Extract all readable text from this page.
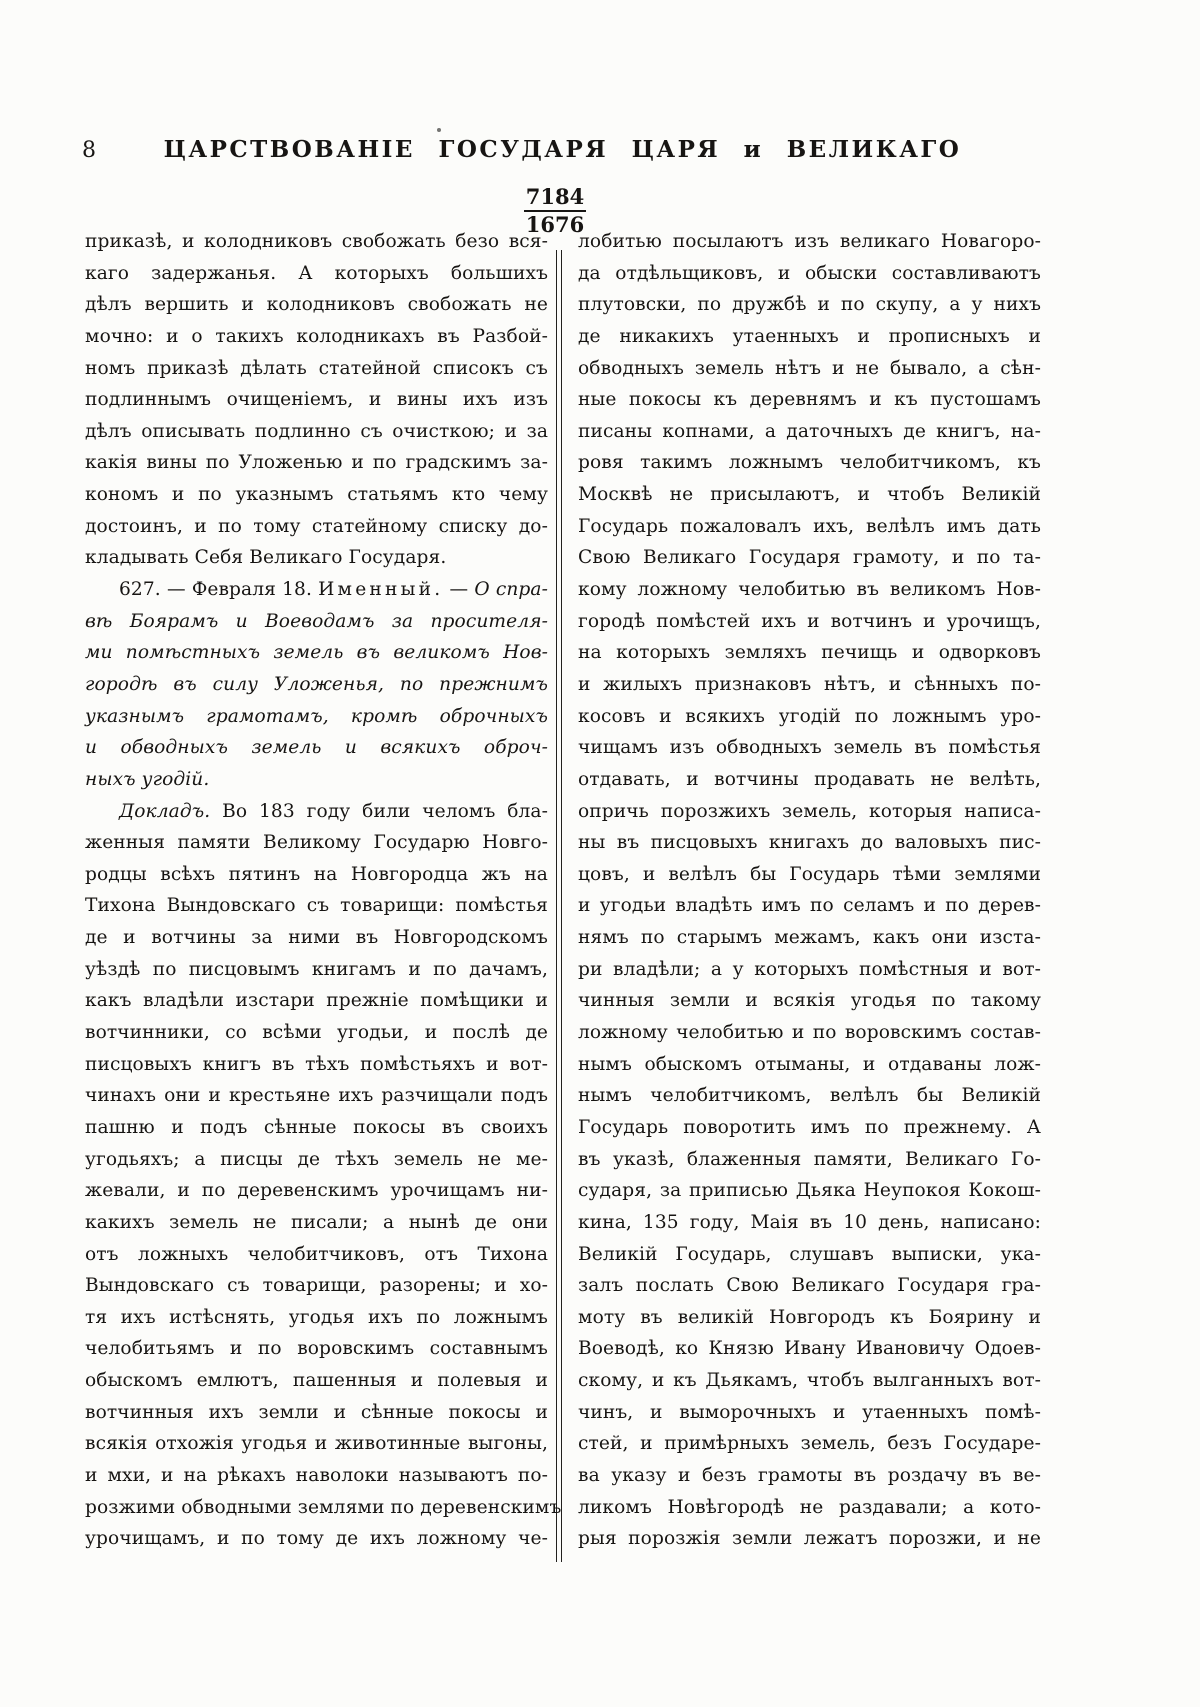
8	ЦАРСТВОВАНІЕ ГОСУДАРЯ ЦАРЯ и ВЕЛИКАГО
7184
1676
приказѣ, и колодниковъ свобожать безо вся-
каго задержанья. А которыхъ большихъ
дѣлъ вершить и колодниковъ свобожать не
мочно: и о такихъ колодникахъ въ Разбой-
номъ приказѣ дѣлать статейной списокъ съ
подлиннымъ очищеніемъ, и вины ихъ изъ
дѣлъ описывать подлинно съ очисткою; и за
какія вины по Уложенью и по градскимъ за-
кономъ и по указнымъ статьямъ кто чему
достоинъ, и по тому статейному списку до-
кладывать Себя Великаго Государя.
627. — Февраля 18. Именный. — О спра-
вѣ Боярамъ и Воеводамъ за просителя-
ми помѣстныхъ земель въ великомъ Нов-
городѣ въ силу Уложенья, по прежнимъ
указнымъ грамотамъ, кромѣ оброчныхъ
и обводныхъ земель и всякихъ оброч-
ныхъ угодій.
Докладъ. Во 183 году били челомъ бла-
женныя памяти Великому Государю Новго-
родцы всѣхъ пятинъ на Новгородца жъ на
Тихона Вындовскаго съ товарищи: помѣстья
де и вотчины за ними въ Новгородскомъ
уѣздѣ по писцовымъ книгамъ и по дачамъ,
какъ владѣли изстари прежніе помѣщики и
вотчинники, со всѣми угодьи, и послѣ де
писцовыхъ книгъ въ тѣхъ помѣстьяхъ и вот-
чинахъ они и крестьяне ихъ разчищали подъ
пашню и подъ сѣнные покосы въ своихъ
угодьяхъ; а писцы де тѣхъ земель не ме-
жевали, и по деревенскимъ урочищамъ ни-
какихъ земель не писали; а нынѣ де они
отъ ложныхъ челобитчиковъ, отъ Тихона
Вындовскаго съ товарищи, разорены; и хо-
тя ихъ истѣснять, угодья ихъ по ложнымъ
челобитьямъ и по воровскимъ составнымъ
обыскомъ емлютъ, пашенныя и полевыя и
вотчинныя ихъ земли и сѣнные покосы и
всякія отхожія угодья и животинные выгоны,
и мхи, и на рѣкахъ наволоки называютъ по-
розжими обводными землями по деревенскимъ
урочищамъ, и по тому де ихъ ложному че-
лобитью посылаютъ изъ великаго Новагоро-
да отдѣльщиковъ, и обыски составливаютъ
плутовски, по дружбѣ и по скупу, а у нихъ
де никакихъ утаенныхъ и прописныхъ и
обводныхъ земель нѣтъ и не бывало, а сѣн-
ные покосы къ деревнямъ и къ пустошамъ
писаны копнами, а даточныхъ де книгъ, на-
ровя такимъ ложнымъ челобитчикомъ, къ
Москвѣ не присылаютъ, и чтобъ Великій
Государь пожаловалъ ихъ, велѣлъ имъ дать
Свою Великаго Государя грамоту, и по та-
кому ложному челобитью въ великомъ Нов-
городѣ помѣстей ихъ и вотчинъ и урочищъ,
на которыхъ земляхъ печищь и одворковъ
и жилыхъ признаковъ нѣтъ, и сѣнныхъ по-
косовъ и всякихъ угодій по ложнымъ уро-
чищамъ изъ обводныхъ земель въ помѣстья
отдавать, и вотчины продавать не велѣть,
опричь порозжихъ земель, которыя написа-
ны въ писцовыхъ книгахъ до валовыхъ пис-
цовъ, и велѣлъ бы Государь тѣми землями
и угодьи владѣть имъ по селамъ и по дерев-
нямъ по старымъ межамъ, какъ они изста-
ри владѣли; а у которыхъ помѣстныя и вот-
чинныя земли и всякія угодья по такому
ложному челобитью и по воровскимъ состав-
нымъ обыскомъ отыманы, и отдаваны лож-
нымъ челобитчикомъ, велѣлъ бы Великій
Государь поворотить имъ по прежнему. А
въ указѣ, блаженныя памяти, Великаго Го-
сударя, за приписью Дьяка Неупокоя Кокош-
кина, 135 году, Маія въ 10 день, написано:
Великій Государь, слушавъ выписки, ука-
залъ послать Свою Великаго Государя гра-
моту въ великій Новгородъ къ Боярину и
Воеводѣ, ко Князю Ивану Ивановичу Одоев-
скому, и къ Дьякамъ, чтобъ вылганныхъ вот-
чинъ, и выморочныхъ и утаенныхъ помѣ-
стей, и примѣрныхъ земель, безъ Государе-
ва указу и безъ грамоты въ роздачу въ ве-
ликомъ Новѣгородѣ не раздавали; а кото-
рыя порозжія земли лежатъ порозжи, и не
